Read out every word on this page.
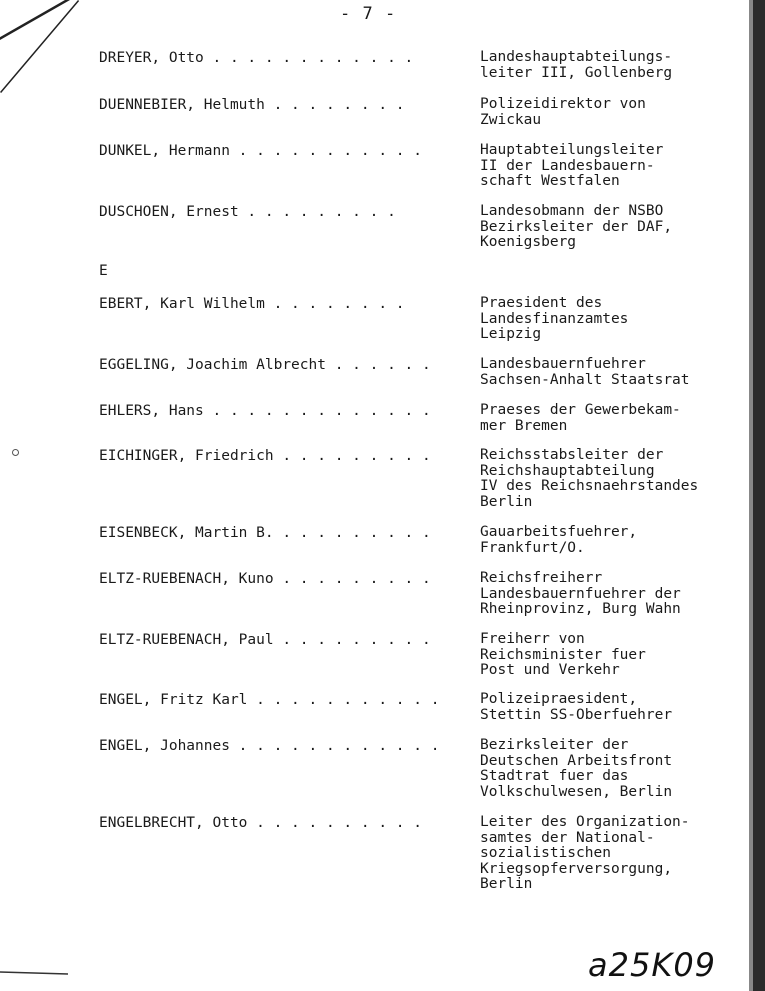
- 7 -
DREYER, Otto . . . . . . . . . . . .	Landeshauptabteilungs-
leiter III, Gollenberg
DUENNEBIER, Helmuth . . . . . . . .	Polizeidirektor von
Zwickau
DUNKEL, Hermann . . . . . . . . . . .	Hauptabteilungsleiter
II der Landesbauern-
schaft Westfalen
DUSCHOEN, Ernest . . . . . . . . .	Landesobmann der NSBO
Bezirksleiter der DAF,
Koenigsberg
E
EBERT, Karl Wilhelm . . . . . . . .	Praesident des
Landesfinanzamtes
Leipzig
EGGELING, Joachim Albrecht . . . . . .	Landesbauernfuehrer
Sachsen-Anhalt Staatsrat
EHLERS, Hans . . . . . . . . . . . . .	Praeses der Gewerbekam-
mer Bremen
EICHINGER, Friedrich . . . . . . . . .	Reichsstabsleiter der
Reichshauptabteilung
IV des Reichsnaehrstandes
Berlin
EISENBECK, Martin B. . . . . . . . . .	Gauarbeitsfuehrer,
Frankfurt/O.
ELTZ-RUEBENACH, Kuno . . . . . . . . .	Reichsfreiherr
Landesbauernfuehrer der
Rheinprovinz, Burg Wahn
ELTZ-RUEBENACH, Paul . . . . . . . . .	Freiherr von
Reichsminister fuer
Post und Verkehr
ENGEL, Fritz Karl . . . . . . . . . . .	Polizeipraesident,
Stettin SS-Oberfuehrer
ENGEL, Johannes . . . . . . . . . . . .	Bezirksleiter der
Deutschen Arbeitsfront
Stadtrat fuer das
Volkschulwesen, Berlin
ENGELBRECHT, Otto . . . . . . . . . .	Leiter des Organization-
samtes der National-
sozialistischen
Kriegsopferversorgung,
Berlin
a25K09
